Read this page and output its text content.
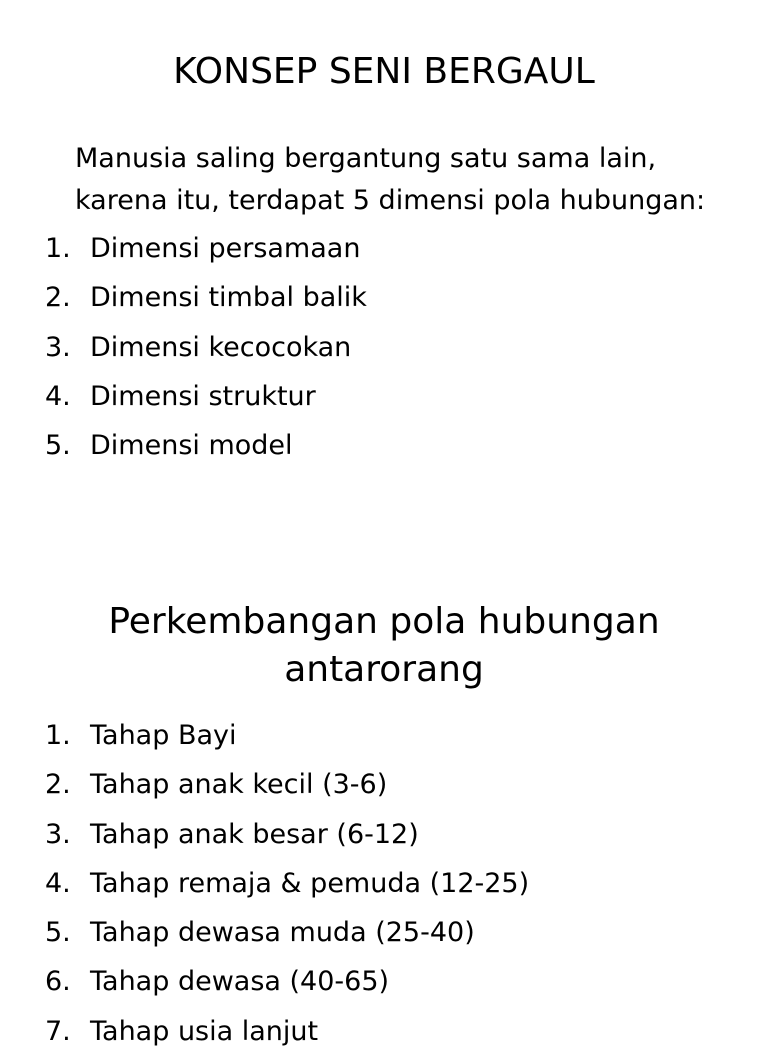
KONSEP SENI BERGAUL

Manusia saling bergantung satu sama lain,
karena itu, terdapat 5 dimensi pola hubungan:

1. Dimensi persamaan
2. Dimensi timbal balik
3. Dimensi kecocokan
4. Dimensi struktur
5. Dimensi model
Perkembangan pola hubungan
antarorang
1. Tahap Bayi
2. Tahap anak kecil (3-6)
3. Tahap anak besar (6-12)
4. Tahap remaja & pemuda (12-25)
5. Tahap dewasa muda (25-40)
6. Tahap dewasa (40-65)
7. Tahap usia lanjut
